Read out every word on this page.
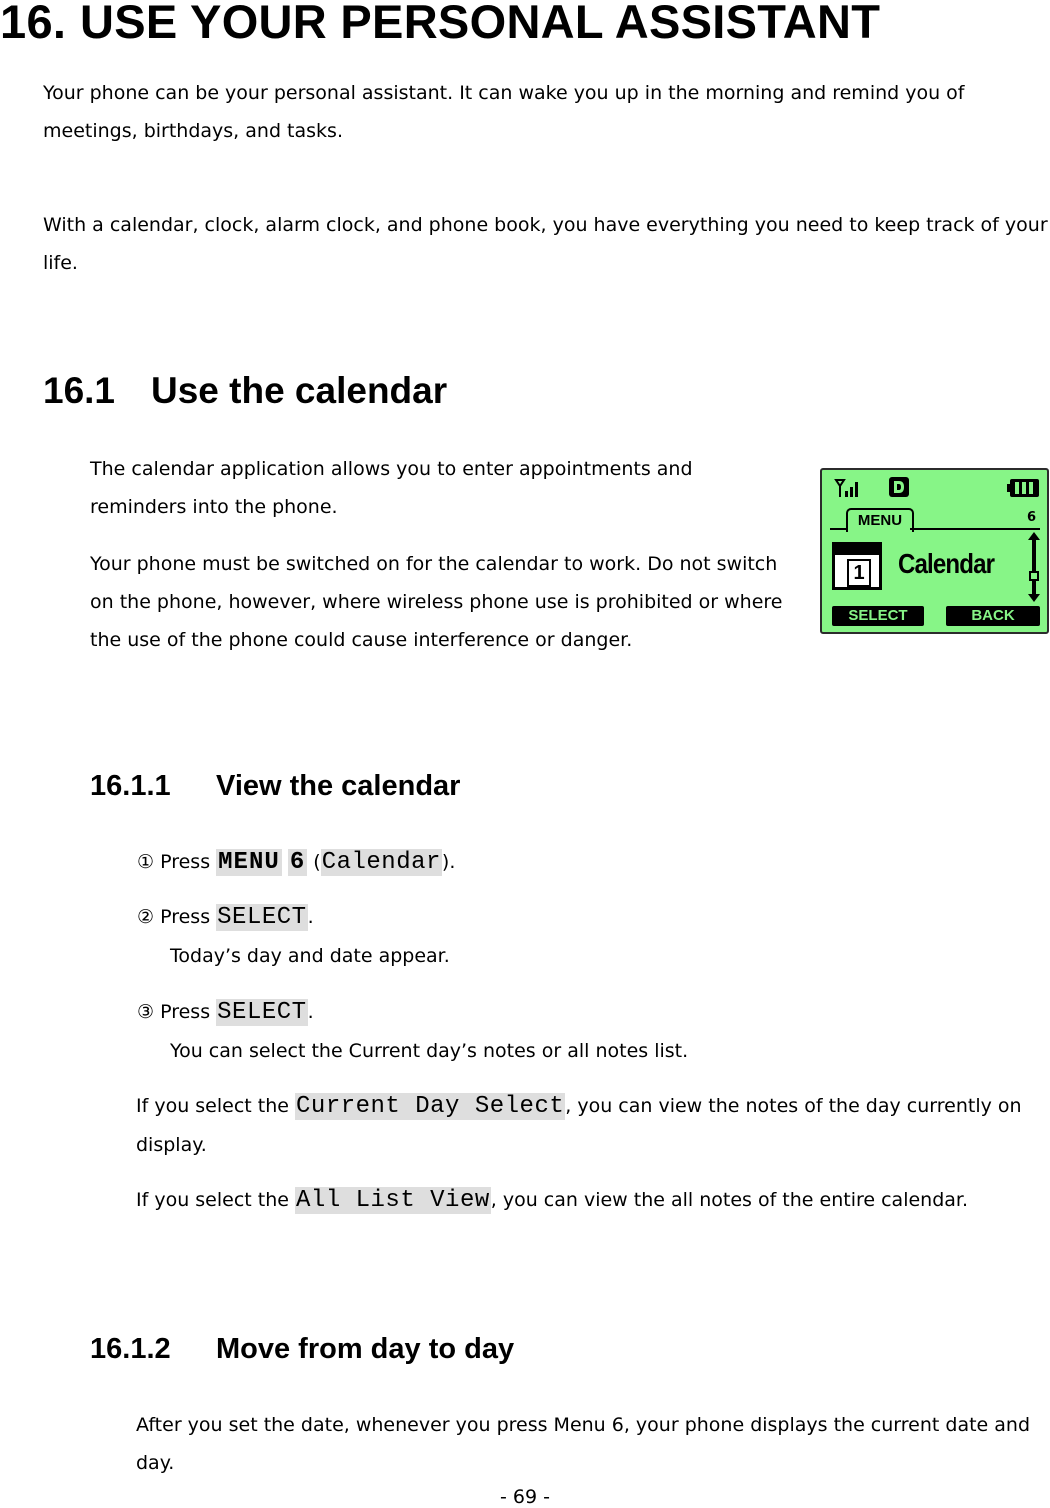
16. USE YOUR PERSONAL ASSISTANT
Your phone can be your personal assistant. It can wake you up in the morning and remind you of meetings, birthdays, and tasks.
With a calendar, clock, alarm clock, and phone book, you have everything you need to keep track of your life.
16.1 Use the calendar
The calendar application allows you to enter appointments and reminders into the phone.
Your phone must be switched on for the calendar to work. Do not switch on the phone, however, where wireless phone use is prohibited or where the use of the phone could cause interference or danger.
MENU	6
1 Calendar
SELECT	BACK
16.1.1 View the calendar
① Press MENU 6 (Calendar).
② Press SELECT.
Today’s day and date appear.
③ Press SELECT.
You can select the Current day’s notes or all notes list.
If you select the Current Day Select, you can view the notes of the day currently on display.
If you select the All List View, you can view the all notes of the entire calendar.
16.1.2 Move from day to day
After you set the date, whenever you press Menu 6, your phone displays the current date and day.
- 69 -
